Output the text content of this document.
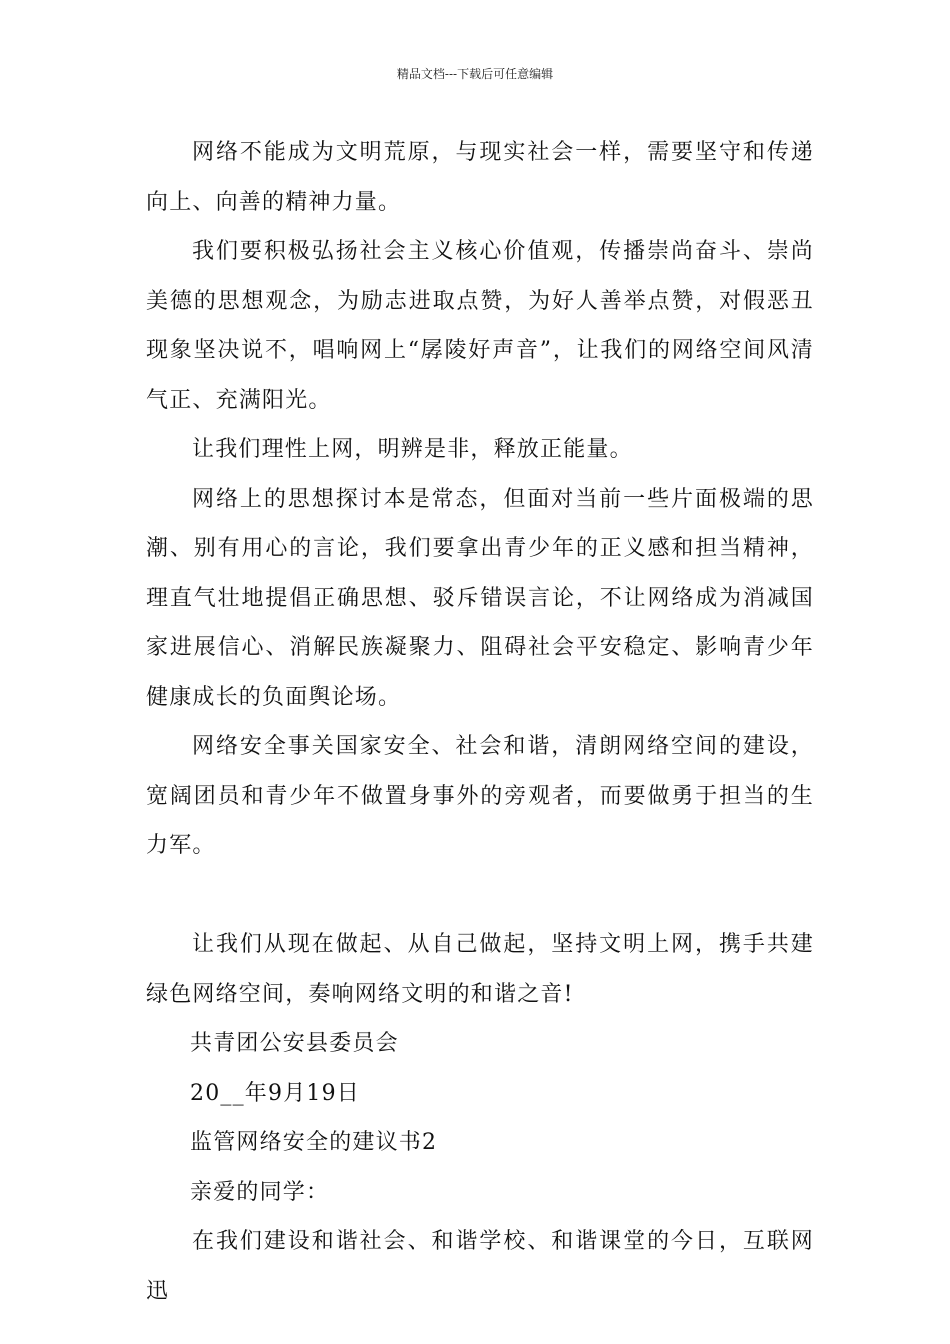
精品文档---下载后可任意编辑

网络不能成为文明荒原，与现实社会一样，需要坚守和传递向上、向善的精神力量。

我们要积极弘扬社会主义核心价值观，传播崇尚奋斗、崇尚美德的思想观念，为励志进取点赞，为好人善举点赞，对假恶丑现象坚决说不，唱响网上“孱陵好声音”，让我们的网络空间风清气正、充满阳光。

让我们理性上网，明辨是非，释放正能量。

网络上的思想探讨本是常态，但面对当前一些片面极端的思潮、别有用心的言论，我们要拿出青少年的正义感和担当精神，理直气壮地提倡正确思想、驳斥错误言论，不让网络成为消减国家进展信心、消解民族凝聚力、阻碍社会平安稳定、影响青少年健康成长的负面舆论场。

网络安全事关国家安全、社会和谐，清朗网络空间的建设，宽阔团员和青少年不做置身事外的旁观者，而要做勇于担当的生力军。

让我们从现在做起、从自己做起，坚持文明上网，携手共建绿色网络空间，奏响网络文明的和谐之音!

共青团公安县委员会

20__年9月19日

监管网络安全的建议书2

亲爱的同学：

在我们建设和谐社会、和谐学校、和谐课堂的今日，互联网迅
